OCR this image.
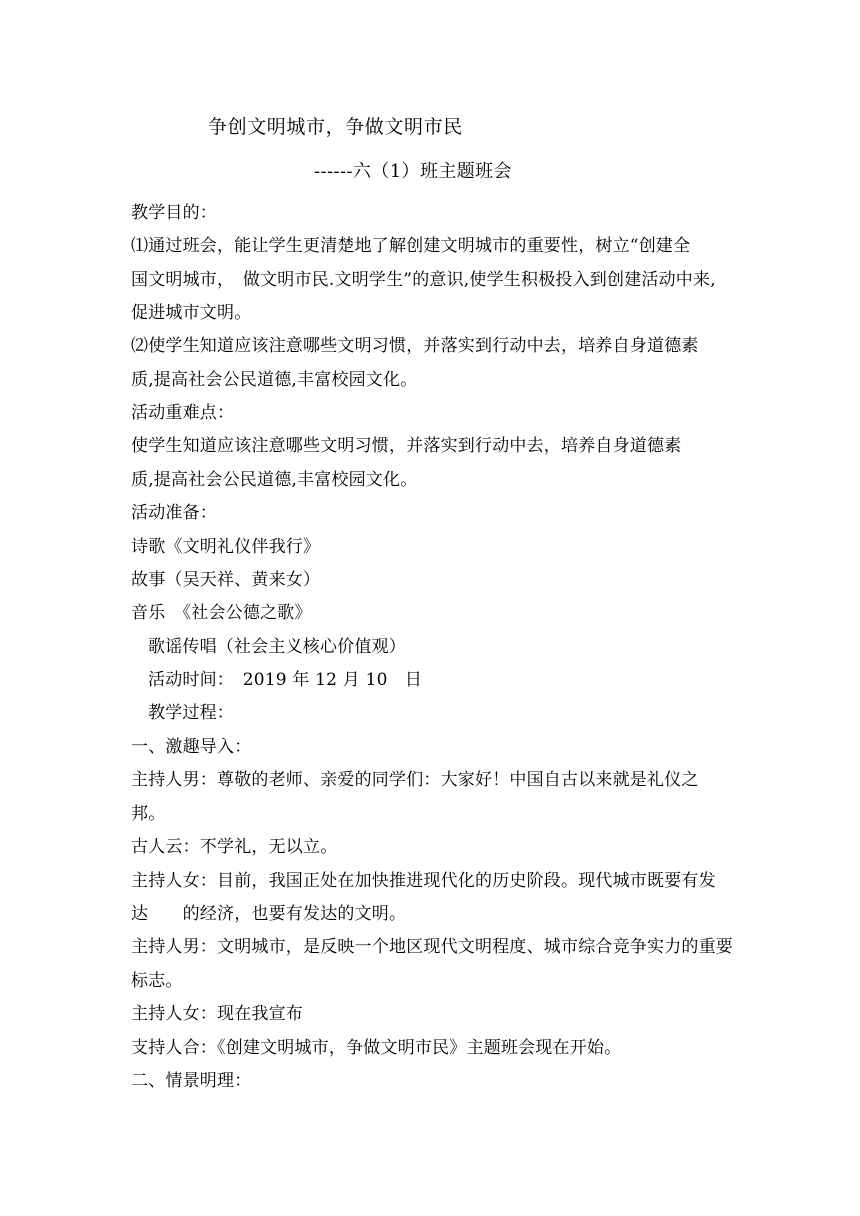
争创文明城市，争做文明市民
------六（1）班主题班会
教学目的：
⑴通过班会，能让学生更清楚地了解创建文明城市的重要性，树立“创建全
国文明城市，　做文明市民.文明学生”的意识,使学生积极投入到创建活动中来,
促进城市文明。
⑵使学生知道应该注意哪些文明习惯，并落实到行动中去，培养自身道德素
质,提高社会公民道德,丰富校园文化。
活动重难点：
使学生知道应该注意哪些文明习惯，并落实到行动中去，培养自身道德素
质,提高社会公民道德,丰富校园文化。
活动准备：
诗歌《文明礼仪伴我行》
故事（吴天祥、黄来女）
音乐　《社会公德之歌》
歌谣传唱（社会主义核心价值观）
活动时间：　2019 年 12 月 10　日
教学过程：
一、激趣导入：
主持人男：尊敬的老师、亲爱的同学们：大家好！中国自古以来就是礼仪之
邦。
古人云：不学礼，无以立。
主持人女：目前，我国正处在加快推进现代化的历史阶段。现代城市既要有发
达　　的经济，也要有发达的文明。
主持人男：文明城市，是反映一个地区现代文明程度、城市综合竞争实力的重要
标志。
主持人女：现在我宣布
支持人合：《创建文明城市，争做文明市民》主题班会现在开始。
二、情景明理：
